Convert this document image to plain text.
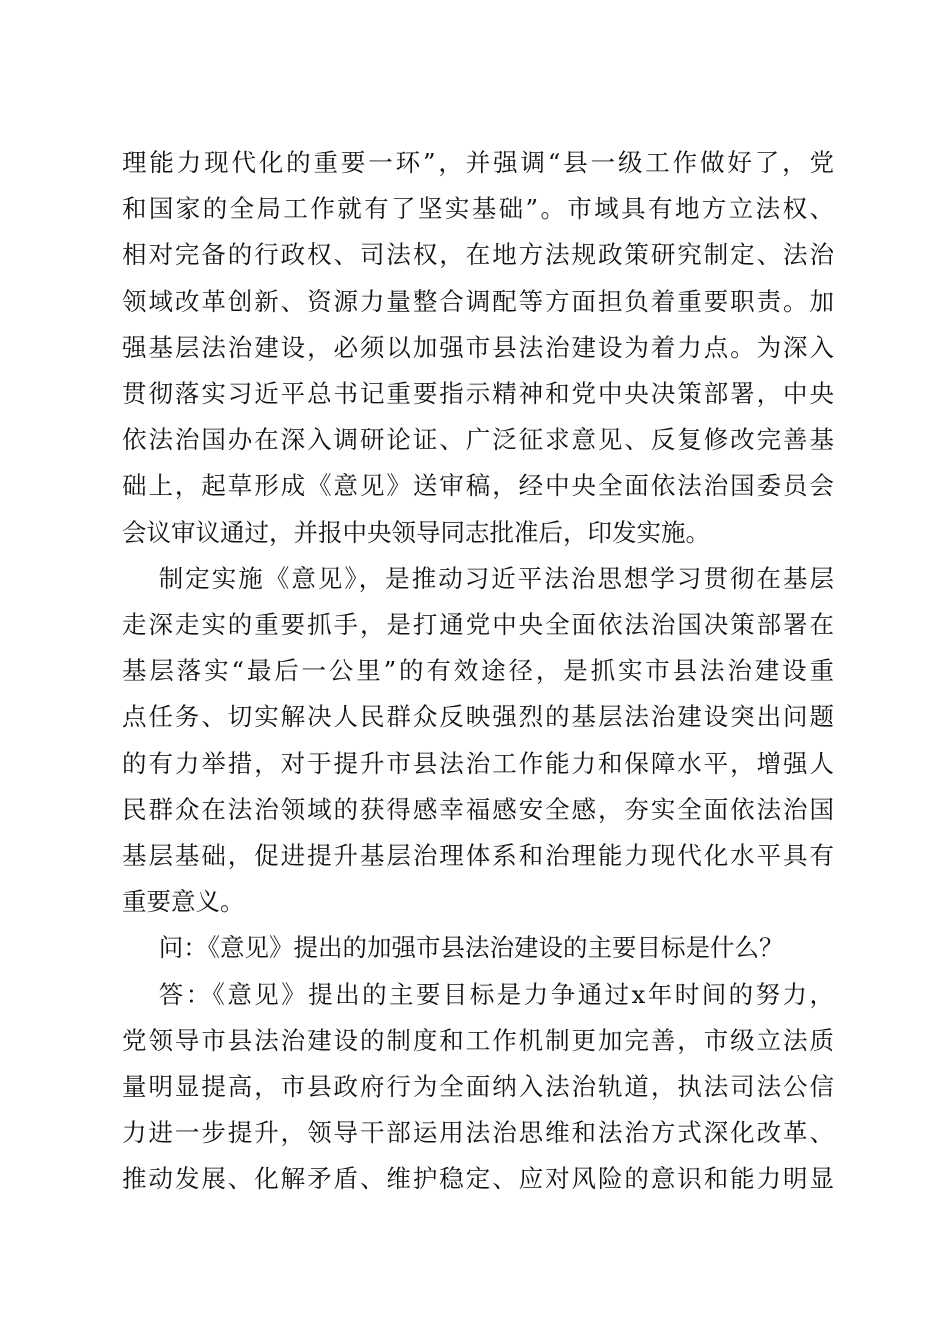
理能力现代化的重要一环”，并强调“县一级工作做好了，党
和国家的全局工作就有了坚实基础”。市域具有地方立法权、
相对完备的行政权、司法权，在地方法规政策研究制定、法治
领域改革创新、资源力量整合调配等方面担负着重要职责。加
强基层法治建设，必须以加强市县法治建设为着力点。为深入
贯彻落实习近平总书记重要指示精神和党中央决策部署，中央
依法治国办在深入调研论证、广泛征求意见、反复修改完善基
础上，起草形成《意见》送审稿，经中央全面依法治国委员会
会议审议通过，并报中央领导同志批准后，印发实施。
制定实施《意见》，是推动习近平法治思想学习贯彻在基层
走深走实的重要抓手，是打通党中央全面依法治国决策部署在
基层落实“最后一公里”的有效途径，是抓实市县法治建设重
点任务、切实解决人民群众反映强烈的基层法治建设突出问题
的有力举措，对于提升市县法治工作能力和保障水平，增强人
民群众在法治领域的获得感幸福感安全感，夯实全面依法治国
基层基础，促进提升基层治理体系和治理能力现代化水平具有
重要意义。
问：《意见》提出的加强市县法治建设的主要目标是什么？
答：《意见》提出的主要目标是力争通过x年时间的努力，
党领导市县法治建设的制度和工作机制更加完善，市级立法质
量明显提高，市县政府行为全面纳入法治轨道，执法司法公信
力进一步提升，领导干部运用法治思维和法治方式深化改革、
推动发展、化解矛盾、维护稳定、应对风险的意识和能力明显
